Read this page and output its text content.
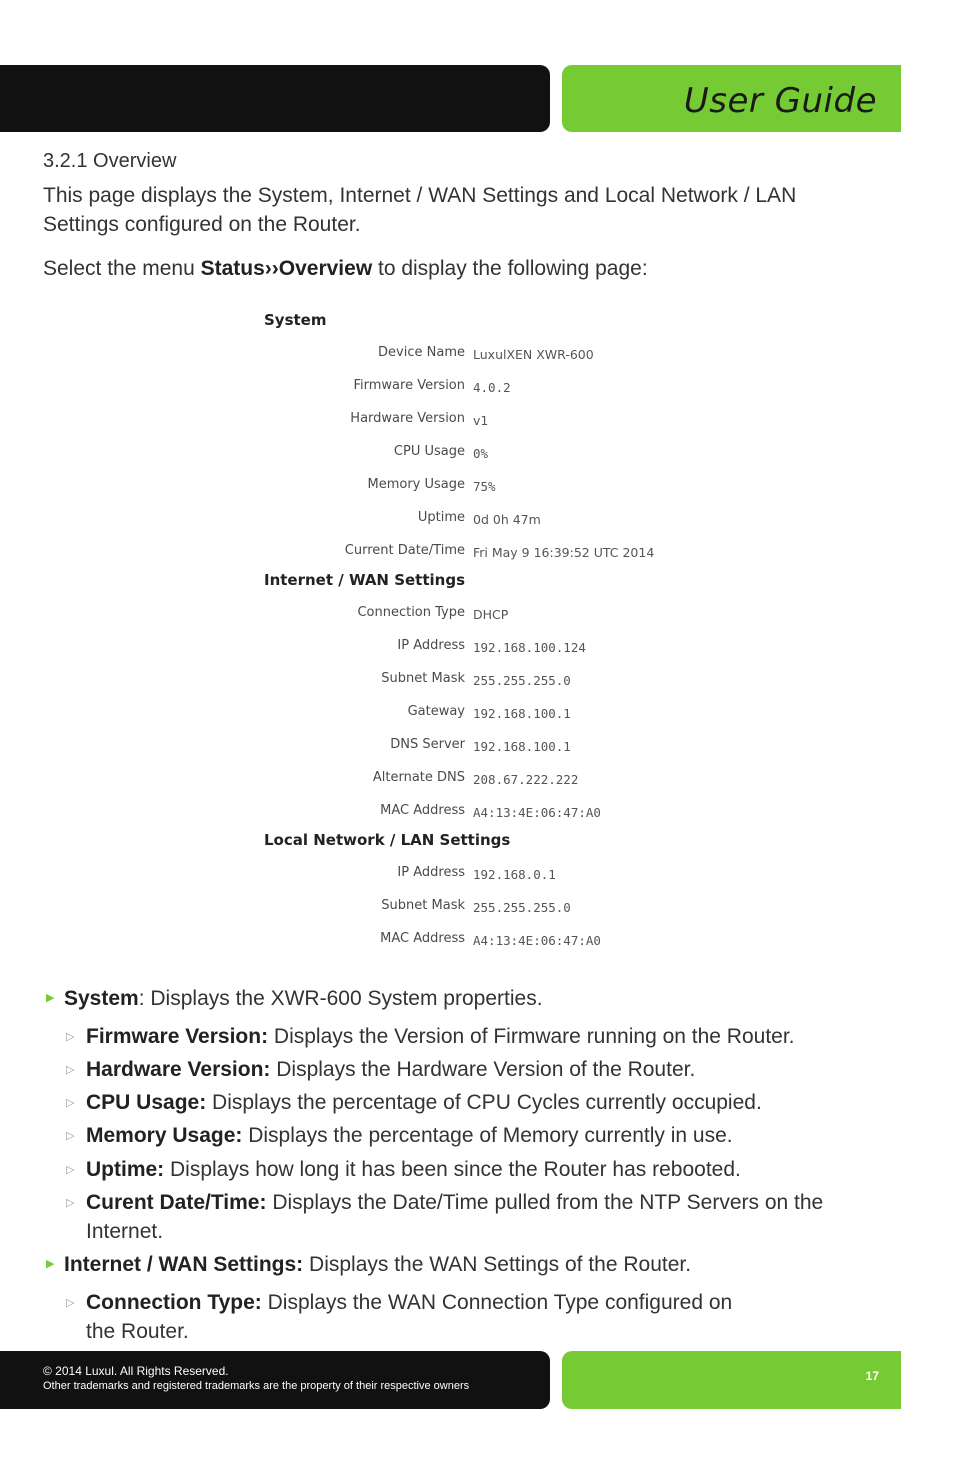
User Guide
3.2.1 Overview
This page displays the System, Internet / WAN Settings and Local Network / LAN Settings configured on the Router.
Select the menu Status››Overview to display the following page:
System
Device Name LuxulXEN XWR-600
Firmware Version 4.0.2
Hardware Version v1
CPU Usage 0%
Memory Usage 75%
Uptime 0d 0h 47m
Current Date/Time Fri May 9 16:39:52 UTC 2014
Internet / WAN Settings
Connection Type DHCP
IP Address 192.168.100.124
Subnet Mask 255.255.255.0
Gateway 192.168.100.1
DNS Server 192.168.100.1
Alternate DNS 208.67.222.222
MAC Address A4:13:4E:06:47:A0
Local Network / LAN Settings
IP Address 192.168.0.1
Subnet Mask 255.255.255.0
MAC Address A4:13:4E:06:47:A0
▶ System: Displays the XWR-600 System properties.
▷ Firmware Version: Displays the Version of Firmware running on the Router.
▷ Hardware Version: Displays the Hardware Version of the Router.
▷ CPU Usage: Displays the percentage of CPU Cycles currently occupied.
▷ Memory Usage: Displays the percentage of Memory currently in use.
▷ Uptime: Displays how long it has been since the Router has rebooted.
▷ Curent Date/Time: Displays the Date/Time pulled from the NTP Servers on the Internet.
▶ Internet / WAN Settings: Displays the WAN Settings of the Router.
▷ Connection Type: Displays the WAN Connection Type configured on the Router.
© 2014 Luxul. All Rights Reserved.
Other trademarks and registered trademarks are the property of their respective owners
17
